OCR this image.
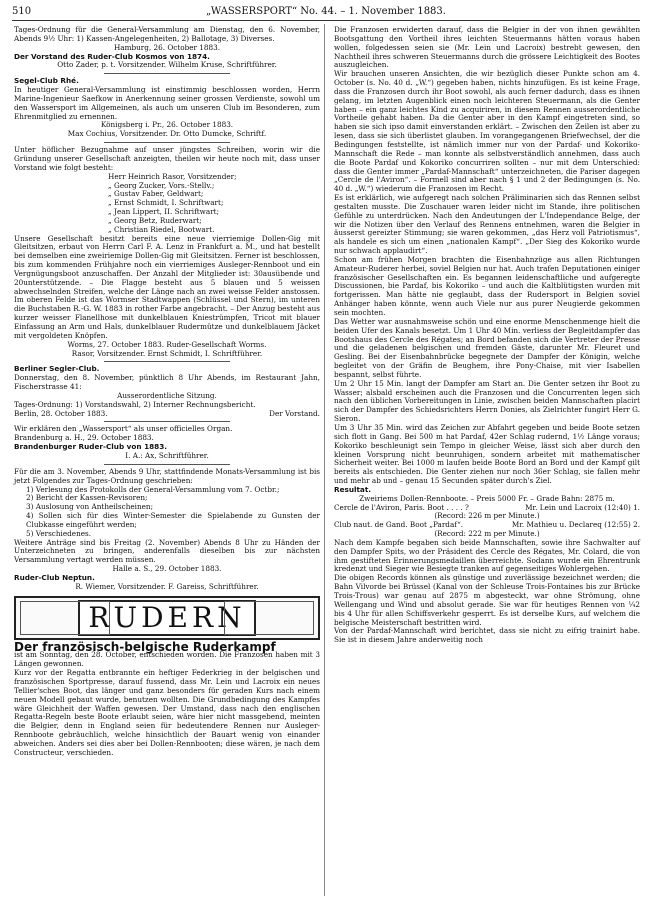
510	„WASSERSPORT“ No. 44. – 1. November 1883.

Tages-Ordnung für die General-Versammlung am Dienstag, den 6. November, Abends 9½ Uhr: 1) Kassen-Angelegenheiten, 2) Ballotage, 3) Diverses.

Hamburg, 26. October 1883.

Der Vorstand des Ruder-Club Kosmos von 1874.

Otto Zader, p. t. Vorsitzender. Wilhelm Kruse, Schriftführer.

Segel-Club Rhé.

In heutiger General-Versammlung ist einstimmig beschlossen worden, Herrn Marine-Ingenieur Saefkow in Anerkennung seiner grossen Verdienste, sowohl um den Wassersport im Allgemeinen, als auch um unseren Club im Besonderen, zum Ehrenmitglied zu ernennen.

Königsberg i. Pr., 26. October 1883.

Max Cochius, Vorsitzender. Dr. Otto Dumcke, Schriftf.

Unter höflicher Bezugnahme auf unser jüngstes Schreiben, worin wir die Gründung unserer Gesellschaft anzeigten, theilen wir heute noch mit, dass unser Vorstand wie folgt besteht:

Herr Heinrich Rasor, Vorsitzender;

„ Georg Zucker, Vors.-Stellv.;

„ Gustav Faber, Geldwart;

„ Ernst Schmidt, I. Schriftwart;

„ Jean Lippert, II. Schriftwart;

„ Georg Betz, Ruderwart;

„ Christian Riedel, Bootwart.

Unsere Gesellschaft besitzt bereits eine neue vierriemige Dollen-Gig mit Gleitsitzen, erbaut von Herrn Carl F. A. Lenz in Frankfurt a. M., und hat bestellt bei demselben eine zweiriemige Dollen-Gig mit Gleitsitzen. Ferner ist beschlossen, bis zum kommenden Frühjahre noch ein vierriemiges Ausleger-Rennboot und ein Vergnügungsboot anzuschaffen. Der Anzahl der Mitglieder ist: 30ausübende und 20unterstützende. – Die Flagge besteht aus 5 blauen und 5 weissen abwechselnden Streifen, welche der Länge nach an zwei weisse Felder anstossen. Im oberen Felde ist das Wormser Stadtwappen (Schlüssel und Stern), im unteren die Buchstaben R.-G. W. 1883 in rother Farbe angebracht. – Der Anzug besteht aus kurzer weisser Flanellhose mit dunkelblauen Kniestrümpfen, Tricot mit blauer Einfassung an Arm und Hals, dunkelblauer Rudermütze und dunkelblauem Jäcket mit vergoldeten Knöpfen.

Worms, 27. October 1883. Ruder-Gesellschaft Worms.

Rasor, Vorsitzender. Ernst Schmidt, I. Schriftführer.

Berliner Segler-Club.

Donnerstag, den 8. November, pünktlich 8 Uhr Abends, im Restaurant Jahn, Fischerstrasse 41:

Ausserordentliche Sitzung.

Tages-Ordnung: 1) Vorstandswahl, 2) Interner Rechnungsbericht.

Berlin, 28. October 1883.	Der Vorstand.

Wir erklären den „Wassersport“ als unser officielles Organ.

Brandenburg a. H., 29. October 1883.

Brandenburger Ruder-Club von 1883.

I. A.: Ax, Schriftführer.

Für die am 3. November, Abends 9 Uhr, stattfindende Monats-Versammlung ist bis jetzt Folgendes zur Tages-Ordnung geschrieben:

1) Verlesung des Protokolls der General-Versammlung vom 7. Octbr.;

2) Bericht der Kassen-Revisoren;

3) Auslosung von Antheilscheinen;

4) Sollen sich für dies Winter-Semester die Spielabende zu Gunsten der Clubkasse eingeführt werden;

5) Verschiedenes.

Weitere Anträge sind bis Freitag (2. November) Abends 8 Uhr zu Händen der Unterzeichneten zu bringen, anderenfalls dieselben bis zur nächsten Versammlung vertagt werden müssen.

Halle a. S., 29. October 1883.

Ruder-Club Neptun.

R. Wiemer, Vorsitzender. F. Gareiss, Schriftführer.

RUDERN

Der französisch-belgische Ruderkampf

ist am Sonntag, den 28. October, entschieden worden. Die Franzosen haben mit 3 Längen gewonnen.

Kurz vor der Regatta entbrannte ein heftiger Federkrieg in der belgischen und französischen Sportpresse, darauf fussend, dass Mr. Lein und Lacroix ein neues Tellier'sches Boot, das länger und ganz besonders für geraden Kurs nach einem neuen Modell gebaut wurde, benutzen wollten. Die Grundbedingung des Kampfes wäre Gleichheit der Waffen gewesen. Der Umstand, dass nach den englischen Regatta-Regeln beste Boote erlaubt seien, wäre hier nicht massgebend, meinten die Belgier, denn in England seien für bedeutendere Rennen nur Ausleger-Rennboote gebräuchlich, welche hinsichtlich der Bauart wenig von einander abweichen. Anders sei dies aber bei Dollen-Rennbooten; diese wären, je nach dem Constructeur, verschieden.

Die Franzosen erwiderten darauf, dass die Belgier in der von ihnen gewählten Bootsgattung den Vortheil ihres leichten Steuermanns hätten voraus haben wollen, folgedessen seien sie (Mr. Lein und Lacroix) bestrebt gewesen, den Nachtheil ihres schweren Steuermanns durch die grössere Leichtigkeit des Bootes auszugleichen.

Wir brauchen unseren Ansichten, die wir bezüglich dieser Punkte schon am 4. October (s. No. 40 d. „W.“) gegeben haben, nichts hinzufügen. Es ist keine Frage, dass die Franzosen durch ihr Boot sowohl, als auch ferner dadurch, dass es ihnen gelang, im letzten Augenblick einen noch leichteren Steuermann, als die Genter haben – ein ganz leichtes Kind zu acquiriren, in diesem Rennen ausserordentliche Vortheile gehabt haben. Da die Genter aber in den Kampf eingetreten sind, so haben sie sich ipso damit einverstanden erklärt. – Zwischen den Zeilen ist aber zu lesen, dass sie sich überlistet glauben. Im vorangegangenen Briefwechsel, der die Bedingungen feststellte, ist nämlich immer nur von der Pardaf- und Kokoriko-Mannschaft die Rede – man konnte als selbstverständlich annehmen, dass auch die Boote Pardaf und Kokoriko concurriren sollten – nur mit dem Unterschied: dass die Genter immer „Pardaf-Mannschaft“ unterzeichneten, die Pariser dagegen „Cercle de l'Aviron“. – Formell sind aber nach § 1 und 2 der Bedingungen (s. No. 40 d. „W.“) wiederum die Franzosen im Recht.

Es ist erklärlich, wie aufgeregt nach solchen Präliminarien sich das Rennen selbst gestalten musste. Die Zuschauer waren leider nicht im Stande, ihre politischen Gefühle zu unterdrücken. Nach den Andeutungen der L'Independance Belge, der wir die Notizen über den Verlauf des Rennens entnehmen, waren die Belgier in äusserst gereizter Stimmung; sie waren gekommen, „das Herz voll Patriotismus“, als handele es sich um einen „nationalen Kampf“. „Der Sieg des Kokoriko wurde nur schwach applaudirt“.

Schon am frühen Morgen brachten die Eisenbahnzüge aus allen Richtungen Amateur-Ruderer herbei, soviel Belgien nur hat. Auch trafen Deputationen einiger französischer Gesellschaften ein. Es begannen leidenschaftliche und aufgeregte Discussionen, bie Pardaf, bis Kokoriko – und auch die Kaltblütigsten wurden mit fortgerissen. Man hätte nie geglaubt, dass der Rudersport in Belgien soviel Anhänger haben könnte, wenn auch Viele nur aus purer Neugierde gekommen sein mochten.

Das Wetter war ausnahmsweise schön und eine enorme Menschenmenge hielt die beiden Ufer des Kanals besetzt. Um 1 Uhr 40 Min. verliess der Begleitdampfer das Bootshaus des Cercle des Régates; an Bord befanden sich die Vertreter der Presse und die geladenen belgischen und fremden Gäste, darunter Mr. Fleuret und Gesling. Bei der Eisenbahnbrücke begegnete der Dampfer der Königin, welche begleitet von der Gräfin de Beughem, ihre Pony-Chaise, mit vier Isabellen bespannt, selbst führte.

Um 2 Uhr 15 Min. langt der Dampfer am Start an. Die Genter setzen ihr Boot zu Wasser; alsbald erscheinen auch die Franzosen und die Concurrenten legen sich nach den üblichen Vorbereitungen in Linie, zwischen beiden Mannschaften placirt sich der Dampfer des Schiedsrichters Herrn Donies, als Zielrichter fungirt Herr G. Sieron.

Um 3 Uhr 35 Min. wird das Zeichen zur Abfahrt gegeben und beide Boote setzen sich flott in Gang. Bei 500 m hat Pardaf, 42er Schlag rudernd, 1½ Länge voraus; Kokoriko beschleunigt sein Tempo in gleicher Weise, lässt sich aber durch den kleinen Vorsprung nicht beunruhigen, sondern arbeitet mit mathematischer Sicherheit weiter. Bei 1000 m laufen beide Boote Bord an Bord und der Kampf gilt bereits als entschieden. Die Genter ziehen nur noch 36er Schlag, sie fallen mehr und mehr ab und – genau 15 Secunden später durch's Ziel.

Resultat.

Zweiriems Dollen-Rennboote. – Preis 5000 Fr. – Grade Bahn: 2875 m.

Cercle de l'Aviron, Paris. Boot . . . . ?	Mr. Lein und Lacroix (12:40) 1.

(Record: 226 m per Minute.)

Club naut. de Gand. Boot „Pardaf“.	Mr. Mathieu u. Declareq (12:55) 2.

(Record: 222 m per Minute.)

Nach dem Kampfe begaben sich beide Mannschaften, sowie ihre Sachwalter auf den Dampfer Spits, wo der Präsident des Cercle des Régates, Mr. Colard, die von ihm gestifteten Erinnerungsmedaillen überreichte. Sodann wurde ein Ehrentrunk kredenzt und Sieger wie Besiegte tranken auf gegenseitiges Wohlergehen.

Die obigen Records können als günstige und zuverlässige bezeichnet werden; die Bahn Vilvorde bei Brüssel (Kanal von der Schleuse Trois-Fontaines bis zur Brücke Trois-Trous) war genau auf 2875 m abgesteckt, war ohne Strömung, ohne Wellengang und Wind und absolut gerade. Sie war für heutiges Rennen von ¼2 bis 4 Uhr für allen Schiffsverkehr gesperrt. Es ist derselbe Kurs, auf welchem die belgische Meisterschaft bestritten wird.

Von der Pardaf-Mannschaft wird berichtet, dass sie nicht zu eifrig trainirt habe. Sie ist in diesem Jahre anderweitig noch
